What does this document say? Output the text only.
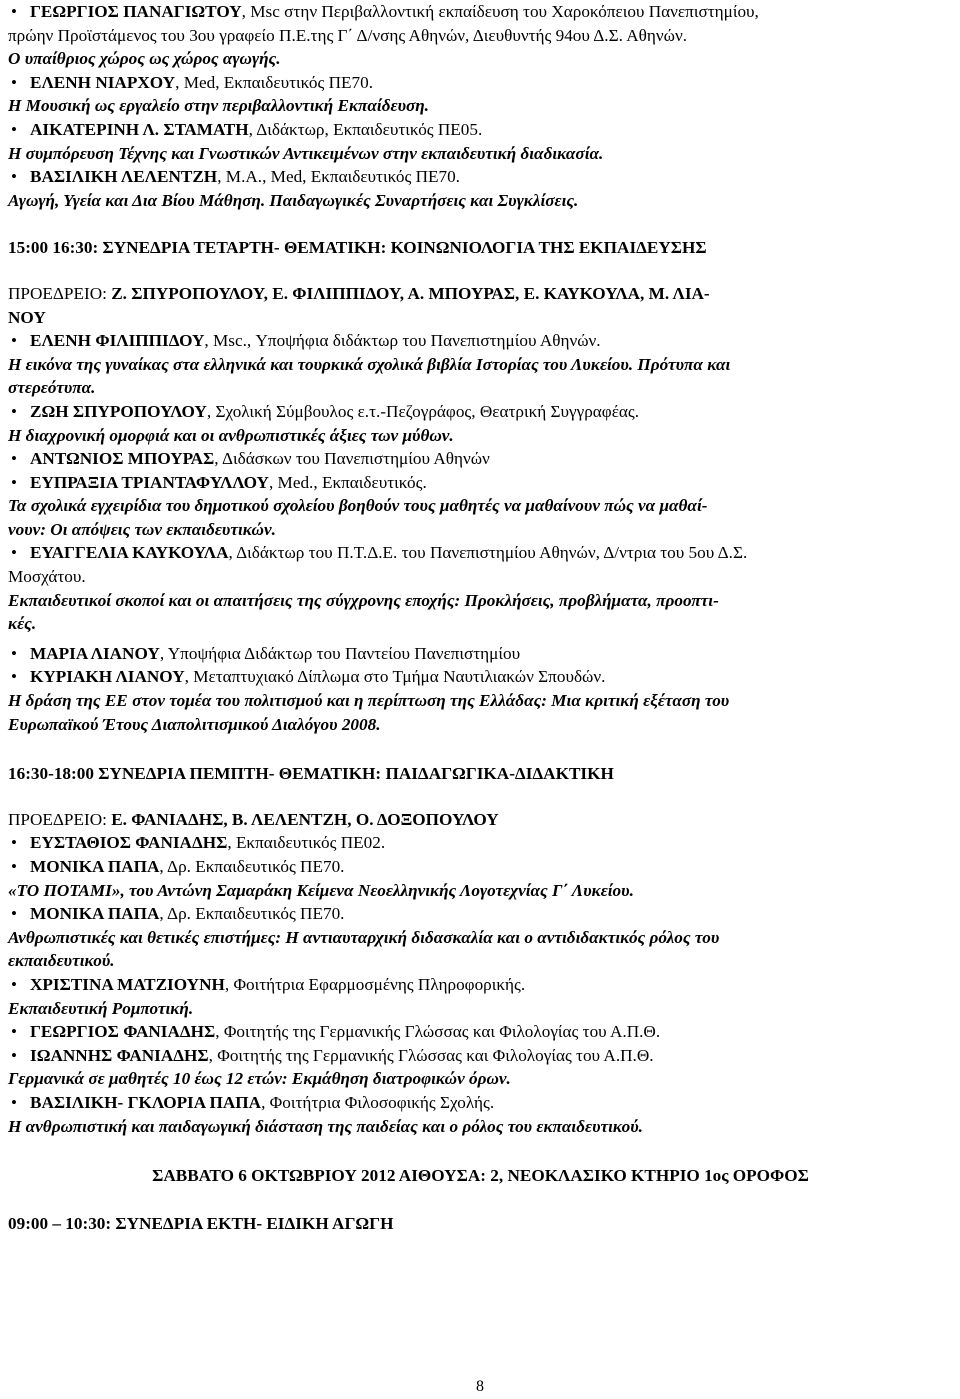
• ΓΕΩΡΓΙΟΣ ΠΑΝΑΓΙΩΤΟΥ, Msc στην Περιβαλλοντική εκπαίδευση του Χαροκόπειου Πανεπιστημίου,

πρώην Προϊστάμενος του 3ου γραφείο Π.Ε.της Γ΄ Δ/νσης Αθηνών, Διευθυντής 94ου Δ.Σ. Αθηνών.

Ο υπαίθριος χώρος ως χώρος αγωγής.

• ΕΛΕΝΗ ΝΙΑΡΧΟΥ, Med, Εκπαιδευτικός ΠΕ70.

Η Μουσική ως εργαλείο στην περιβαλλοντική Εκπαίδευση.

• ΑΙΚΑΤΕΡΙΝΗ Λ. ΣΤΑΜΑΤΗ, Διδάκτωρ, Εκπαιδευτικός ΠΕ05.

Η συμπόρευση Τέχνης και Γνωστικών Αντικειμένων στην εκπαιδευτική διαδικασία.

• ΒΑΣΙΛΙΚΗ ΛΕΛΕΝΤΖΗ, Μ.Α., Med, Εκπαιδευτικός ΠΕ70.

Αγωγή, Υγεία και Δια Βίου Μάθηση. Παιδαγωγικές Συναρτήσεις και Συγκλίσεις.

15:00 16:30: ΣΥΝΕΔΡΙΑ ΤΕΤΑΡΤΗ- ΘΕΜΑΤΙΚΗ: ΚΟΙΝΩΝΙΟΛΟΓΙΑ ΤΗΣ ΕΚΠΑΙΔΕΥΣΗΣ

ΠΡΟΕΔΡΕΙΟ: Ζ. ΣΠΥΡΟΠΟΥΛΟΥ, Ε. ΦΙΛΙΠΠΙΔΟΥ, Α. ΜΠΟΥΡΑΣ, Ε. ΚΑΥΚΟΥΛΑ, Μ. ΛΙΑ-

ΝΟΥ

• ΕΛΕΝΗ ΦΙΛΙΠΠΙΔΟΥ, Msc., Υποψήφια διδάκτωρ του Πανεπιστημίου Αθηνών.

Η εικόνα της γυναίκας στα ελληνικά και τουρκικά σχολικά βιβλία Ιστορίας του Λυκείου. Πρότυπα και

στερεότυπα.

• ΖΩΗ ΣΠΥΡΟΠΟΥΛΟΥ, Σχολική Σύμβουλος ε.τ.-Πεζογράφος, Θεατρική Συγγραφέας.

Η διαχρονική ομορφιά και οι ανθρωπιστικές άξιες των μύθων.

• ΑΝΤΩΝΙΟΣ ΜΠΟΥΡΑΣ, Διδάσκων του Πανεπιστημίου Αθηνών

• ΕΥΠΡΑΞΙΑ ΤΡΙΑΝΤΑΦΥΛΛΟΥ, Med., Εκπαιδευτικός.

Τα σχολικά εγχειρίδια του δημοτικού σχολείου βοηθούν τους μαθητές να μαθαίνουν πώς να μαθαί-

νουν: Οι απόψεις των εκπαιδευτικών.

• ΕΥΑΓΓΕΛΙΑ ΚΑΥΚΟΥΛΑ, Διδάκτωρ του Π.Τ.Δ.Ε. του Πανεπιστημίου Αθηνών, Δ/ντρια του 5ου Δ.Σ.

Μοσχάτου.

Εκπαιδευτικοί σκοποί και οι απαιτήσεις της σύγχρονης εποχής: Προκλήσεις, προβλήματα, προοπτι-

κές.

• ΜΑΡΙΑ ΛΙΑΝΟΥ, Υποψήφια Διδάκτωρ του Παντείου Πανεπιστημίου

• ΚΥΡΙΑΚΗ ΛΙΑΝΟΥ, Μεταπτυχιακό Δίπλωμα στο Τμήμα Ναυτιλιακών Σπουδών.

Η δράση της ΕΕ στον τομέα του πολιτισμού και η περίπτωση της Ελλάδας: Μια κριτική εξέταση του

Ευρωπαϊκού Έτους Διαπολιτισμικού Διαλόγου 2008.

16:30-18:00 ΣΥΝΕΔΡΙΑ ΠΕΜΠΤΗ- ΘΕΜΑΤΙΚΗ: ΠΑΙΔΑΓΩΓΙΚΑ-ΔΙΔΑΚΤΙΚΗ

ΠΡΟΕΔΡΕΙΟ: Ε. ΦΑΝΙΑΔΗΣ, Β. ΛΕΛΕΝΤΖΗ, Ο. ΔΟΞΟΠΟΥΛΟΥ

• ΕΥΣΤΑΘΙΟΣ ΦΑΝΙΑΔΗΣ, Εκπαιδευτικός ΠΕ02.

• ΜΟΝΙΚΑ ΠΑΠΑ, Δρ. Εκπαιδευτικός ΠΕ70.

«ΤΟ ΠΟΤΑΜΙ», του Αντώνη Σαμαράκη Κείμενα Νεοελληνικής Λογοτεχνίας Γ΄ Λυκείου.

• ΜΟΝΙΚΑ ΠΑΠΑ, Δρ. Εκπαιδευτικός ΠΕ70.

Ανθρωπιστικές και θετικές επιστήμες: Η αντιαυταρχική διδασκαλία και ο αντιδιδακτικός ρόλος του

εκπαιδευτικού.

• ΧΡΙΣΤΙΝΑ ΜΑΤΖΙΟΥΝΗ, Φοιτήτρια Εφαρμοσμένης Πληροφορικής.

Εκπαιδευτική Ρομποτική.

• ΓΕΩΡΓΙΟΣ ΦΑΝΙΑΔΗΣ, Φοιτητής της Γερμανικής Γλώσσας και Φιλολογίας του Α.Π.Θ.

• ΙΩΑΝΝΗΣ ΦΑΝΙΑΔΗΣ, Φοιτητής της Γερμανικής Γλώσσας και Φιλολογίας του Α.Π.Θ.

Γερμανικά σε μαθητές 10 έως 12 ετών: Εκμάθηση διατροφικών όρων.

• ΒΑΣΙΛΙΚΗ- ΓΚΛΟΡΙΑ ΠΑΠΑ, Φοιτήτρια Φιλοσοφικής Σχολής.

Η ανθρωπιστική και παιδαγωγική διάσταση της παιδείας και ο ρόλος του εκπαιδευτικού.

ΣΑΒΒΑΤΟ 6 ΟΚΤΩΒΡΙΟΥ 2012 ΑΙΘΟΥΣΑ: 2, ΝΕΟΚΛΑΣΙΚΟ ΚΤΗΡΙΟ 1ος ΟΡΟΦΟΣ

09:00 – 10:30: ΣΥΝΕΔΡΙΑ ΕΚΤΗ- ΕΙΔΙΚΗ ΑΓΩΓΗ

8
